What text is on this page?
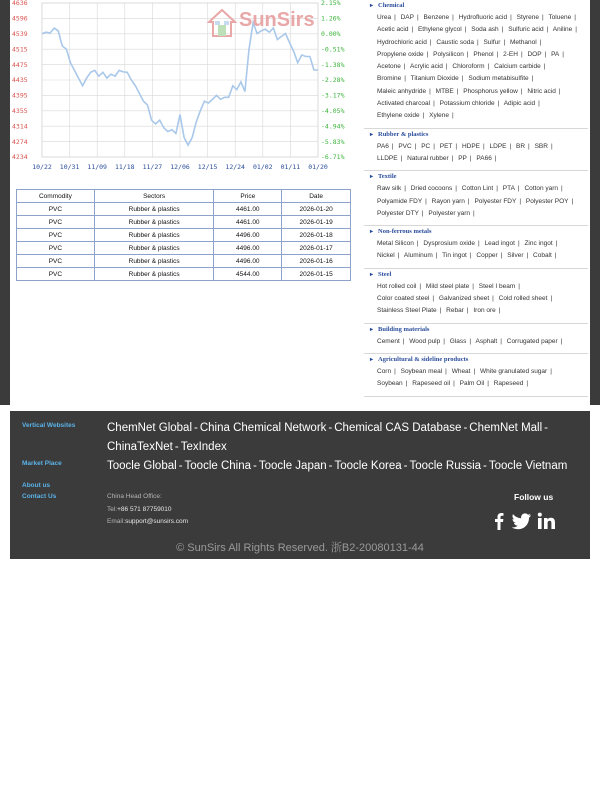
4636	2.15%
4596	1.26%
4539	0.00%
4515	-0.51%
4475	-1.38%
4435	-2.28%
4395	-3.17%
4355	-4.05%
4314	-4.94%
4274	-5.83%
4234	-6.71%
10/22 10/31 11/09 11/18 11/27 12/06 12/15 12/24 01/02 01/11 01/20
SunSirs
Commodity	Sectors	Price	Date
PVC	Rubber & plastics	4461.00	2026-01-20
PVC	Rubber & plastics	4461.00	2026-01-19
PVC	Rubber & plastics	4496.00	2026-01-18
PVC	Rubber & plastics	4496.00	2026-01-17
PVC	Rubber & plastics	4496.00	2026-01-16
PVC	Rubber & plastics	4544.00	2026-01-15
▸ Chemical
Urea | DAP | Benzene | Hydrofluoric acid | Styrene | Toluene | Acetic acid | Ethylene glycol | Soda ash | Sulfuric acid | Aniline | Hydrochloric acid | Caustic soda | Sulfur | Methanol | Propylene oxide | Polysilicon | Phenol | 2-EH | DOP | PA | Acetone | Acrylic acid | Chloroform | Calcium carbide | Bromine | Titanium Dioxide | Sodium metabisulfite | Maleic anhydride | MTBE | Phosphorus yellow | Nitric acid | Activated charcoal | Potassium chloride | Adipic acid | Ethylene oxide | Xylene |
▸ Rubber & plastics
PA6 | PVC | PC | PET | HDPE | LDPE | BR | SBR | LLDPE | Natural rubber | PP | PA66 |
▸ Textile
Raw silk | Dried cocoons | Cotton Lint | PTA | Cotton yarn | Polyamide FDY | Rayon yarn | Polyester FDY | Polyester POY | Polyester DTY | Polyester yarn |
▸ Non-ferrous metals
Metal Silicon | Dysprosium oxide | Lead ingot | Zinc ingot | Nickel | Aluminum | Tin ingot | Copper | Silver | Cobalt |
▸ Steel
Hot rolled coil | Mild steel plate | Steel I beam | Color coated steel | Galvanized sheet | Cold rolled sheet | Stainless Steel Plate | Rebar | Iron ore |
▸ Building materials
Cement | Wood pulp | Glass | Asphalt | Corrugated paper |
▸ Agricultural & sideline products
Corn | Soybean meal | Wheat | White granulated sugar | Soybean | Rapeseed oil | Palm Oil | Rapeseed |
Vertical Websites
Market Place
About us
Contact Us
ChemNet Global - China Chemical Network - Chemical CAS Database - ChemNet Mall -
ChinaTexNet - TexIndex
Toocle Global - Toocle China - Toocle Japan - Toocle Korea - Toocle Russia - Toocle Vietnam
China Head Office:
Tel:+86 571 87759010
Email:support@sunsirs.com
Follow us
© SunSirs All Rights Reserved. 浙B2-20080131-44
